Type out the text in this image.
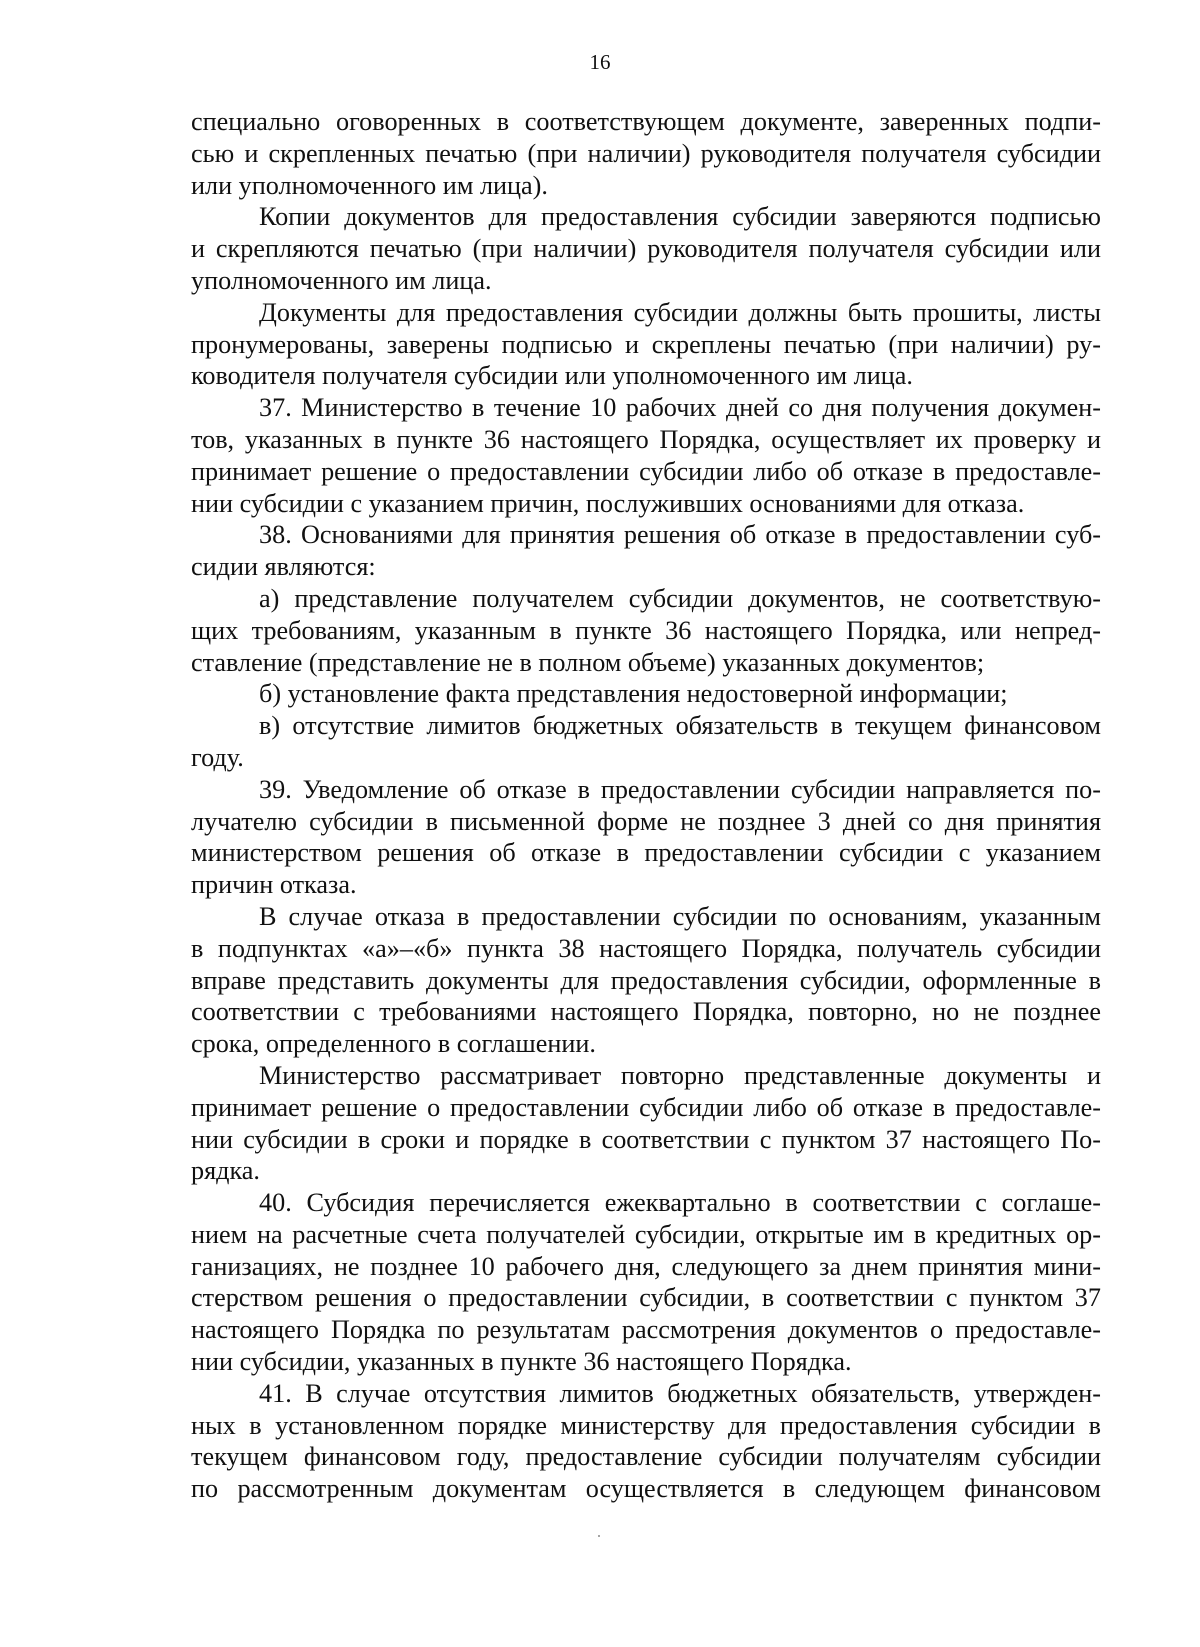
16
специально оговоренных в соответствующем документе, заверенных подпи-
сью и скрепленных печатью (при наличии) руководителя получателя субсидии
или уполномоченного им лица).
Копии документов для предоставления субсидии заверяются подписью
и скрепляются печатью (при наличии) руководителя получателя субсидии или
уполномоченного им лица.
Документы для предоставления субсидии должны быть прошиты, листы
пронумерованы, заверены подписью и скреплены печатью (при наличии) ру-
ководителя получателя субсидии или уполномоченного им лица.
37. Министерство в течение 10 рабочих дней со дня получения докумен-
тов, указанных в пункте 36 настоящего Порядка, осуществляет их проверку и
принимает решение о предоставлении субсидии либо об отказе в предоставле-
нии субсидии с указанием причин, послуживших основаниями для отказа.
38. Основаниями для принятия решения об отказе в предоставлении суб-
сидии являются:
а) представление получателем субсидии документов, не соответствую-
щих требованиям, указанным в пункте 36 настоящего Порядка, или непред-
ставление (представление не в полном объеме) указанных документов;
б) установление факта представления недостоверной информации;
в) отсутствие лимитов бюджетных обязательств в текущем финансовом
году.
39. Уведомление об отказе в предоставлении субсидии направляется по-
лучателю субсидии в письменной форме не позднее 3 дней со дня принятия
министерством решения об отказе в предоставлении субсидии с указанием
причин отказа.
В случае отказа в предоставлении субсидии по основаниям, указанным
в подпунктах «а»–«б» пункта 38 настоящего Порядка, получатель субсидии
вправе представить документы для предоставления субсидии, оформленные в
соответствии с требованиями настоящего Порядка, повторно, но не позднее
срока, определенного в соглашении.
Министерство рассматривает повторно представленные документы и
принимает решение о предоставлении субсидии либо об отказе в предоставле-
нии субсидии в сроки и порядке в соответствии с пунктом 37 настоящего По-
рядка.
40. Субсидия перечисляется ежеквартально в соответствии с соглаше-
нием на расчетные счета получателей субсидии, открытые им в кредитных ор-
ганизациях, не позднее 10 рабочего дня, следующего за днем принятия мини-
стерством решения о предоставлении субсидии, в соответствии с пунктом 37
настоящего Порядка по результатам рассмотрения документов о предоставле-
нии субсидии, указанных в пункте 36 настоящего Порядка.
41. В случае отсутствия лимитов бюджетных обязательств, утвержден-
ных в установленном порядке министерству для предоставления субсидии в
текущем финансовом году, предоставление субсидии получателям субсидии
по рассмотренным документам осуществляется в следующем финансовом
